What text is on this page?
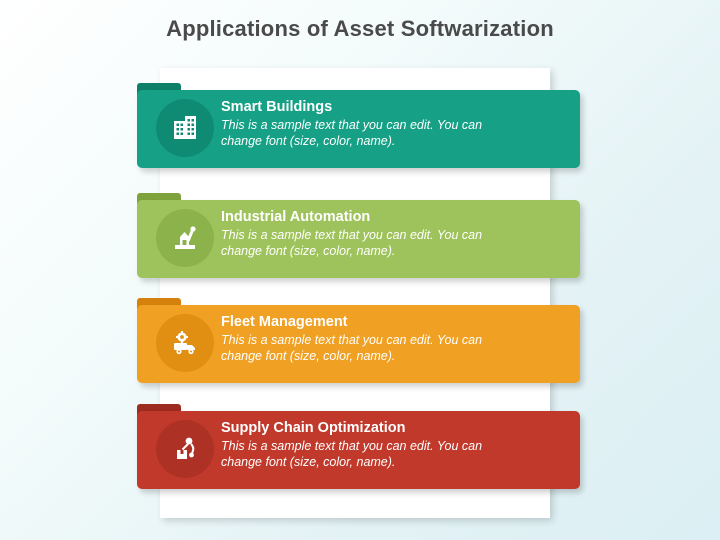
Applications of Asset Softwarization

Smart Buildings

This is a sample text that you can edit. You can change font (size, color, name).

Industrial Automation

This is a sample text that you can edit. You can change font (size, color, name).

Fleet Management

This is a sample text that you can edit. You can change font (size, color, name).

Supply Chain Optimization

This is a sample text that you can edit. You can change font (size, color, name).
